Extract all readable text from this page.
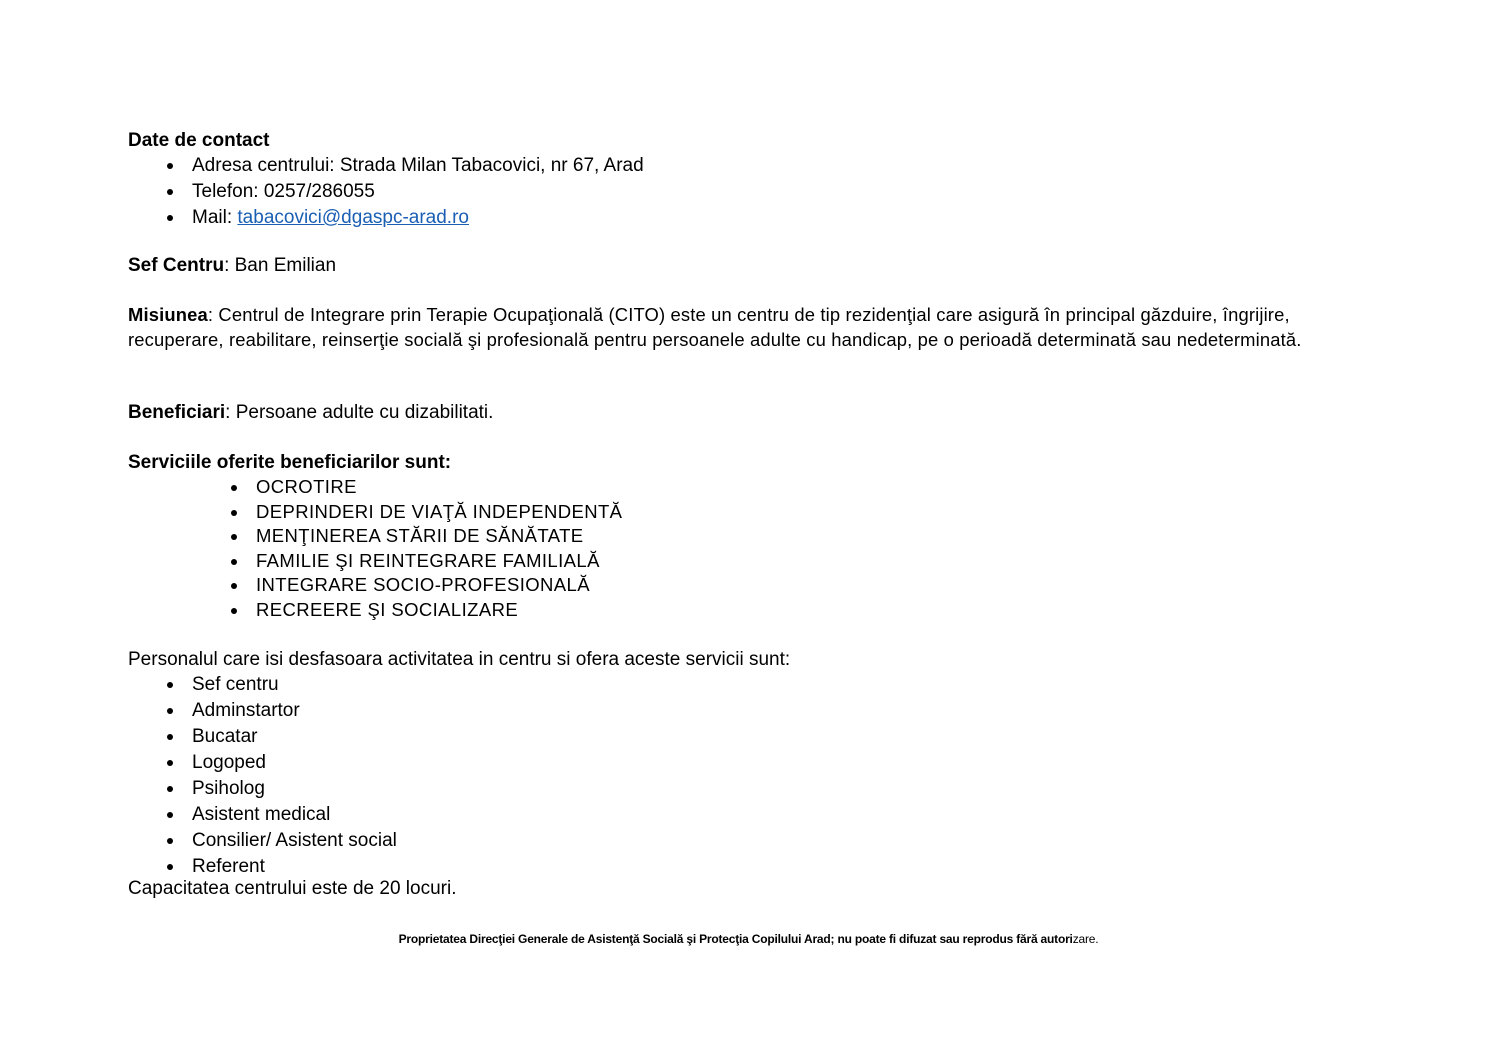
Date de contact
Adresa centrului: Strada Milan Tabacovici, nr 67, Arad
Telefon: 0257/286055
Mail: tabacovici@dgaspc-arad.ro
Sef Centru: Ban Emilian
Misiunea: Centrul de Integrare prin Terapie Ocupaţională (CITO) este un centru de tip rezidenţial care asigură în principal găzduire, îngrijire, recuperare, reabilitare, reinserţie socială şi profesională pentru persoanele adulte cu handicap, pe o perioadă determinată sau nedeterminată.
Beneficiari: Persoane adulte cu dizabilitati.
Serviciile oferite beneficiarilor sunt:
OCROTIRE
DEPRINDERI DE VIAŢĂ INDEPENDENTĂ
MENŢINEREA STĂRII DE SĂNĂTATE
FAMILIE ŞI REINTEGRARE FAMILIALĂ
INTEGRARE SOCIO-PROFESIONALĂ
RECREERE ŞI SOCIALIZARE
Personalul care isi desfasoara activitatea in centru si ofera aceste servicii sunt:
Sef centru
Adminstartor
Bucatar
Logoped
Psiholog
Asistent medical
Consilier/ Asistent social
Referent
Capacitatea centrului este de 20 locuri.
Proprietatea Direcţiei Generale de Asistenţă Socială şi Protecţia Copilului Arad; nu poate fi difuzat sau reprodus fără autorizare.
